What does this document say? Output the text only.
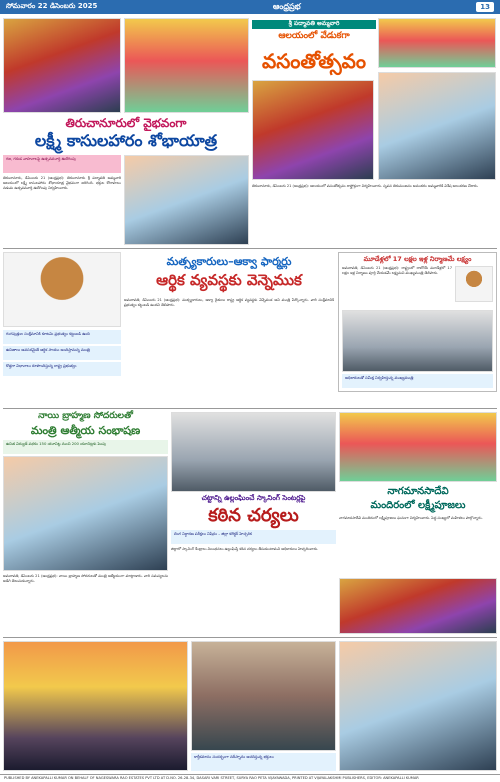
సోమవారం 22 డిసెంబరు 2025	ఆంధ్రప్రభ	13
తిరుచానూరులో వైభవంగా
లక్ష్మీ కాసులహారం శోభాయాత్ర
గజ, గరుడ వాహనాలపై ఉత్సవమూర్తి ఊరేగింపు
తిరుచానూరు, డిసెంబరు 21 (ఆంధ్రప్రభ): తిరుచానూరు శ్రీ పద్మావతి అమ్మవారి ఆలయంలో లక్ష్మీ కాసులహారం శోభాయాత్ర వైభవంగా జరిగింది. భక్తుల కోలాహలం నడుమ ఉత్సవమూర్తి ఊరేగింపు నిర్వహించారు.
శ్రీ పద్మావతి అమ్మవారి
ఆలయంలో వేడుకగా
వసంతోత్సవం
తిరుచానూరు, డిసెంబరు 21 (ఆంధ్రప్రభ): ఆలయంలో వసంతోత్సవం శాస్త్రోక్తంగా నిర్వహించారు. స్నపన తిరుమంజనం అనంతరం అమ్మవారికి విశేష అలంకరణ చేశారు.
మత్స్యకారులు–ఆక్వా ఫార్మర్లు
ఆర్థిక వ్యవస్థకు వెన్నెముక
గంగపుత్రుల సంక్షేమానికి కూటమి ప్రభుత్వం కట్టుబడి ఉంది
ఉచితాలు అవసరమైతే ఆర్థిక సాయం అందిస్తామన్న మంత్రి
కొత్తగా విధానాలు రూపొందిస్తున్న రాష్ట్ర ప్రభుత్వం
అమరావతి, డిసెంబరు 21 (ఆంధ్రప్రభ): మత్స్యకారులు, ఆక్వా రైతులు రాష్ట్ర ఆర్థిక వ్యవస్థకు వెన్నెముక అని మంత్రి పేర్కొన్నారు. వారి సంక్షేమానికి ప్రభుత్వం కట్టుబడి ఉందని తెలిపారు.
మూడేళ్లలో 17 లక్షల ఇళ్ల నిర్మాణమే లక్ష్యం
అమరావతి, డిసెంబరు 21 (ఆంధ్రప్రభ): రాష్ట్రంలో రాబోయే మూడేళ్లలో 17 లక్షల ఇళ్ల నిర్మాణం పూర్తి చేయడమే లక్ష్యమని ముఖ్యమంత్రి తెలిపారు.
అధికారులతో సమీక్ష నిర్వహిస్తున్న ముఖ్యమంత్రి
నాయి బ్రాహ్మణ సోదరులతో
మంత్రి ఆత్మీయ సంభాషణ
ఉచిత విద్యుత్ పథకం 150 యూనిట్ల నుంచి 200 యూనిట్లకు పెంపు
అమరావతి, డిసెంబరు 21 (ఆంధ్రప్రభ): నాయి బ్రాహ్మణ సోదరులతో మంత్రి ఆత్మీయంగా మాట్లాడారు. వారి సమస్యలను అడిగి తెలుసుకున్నారు.
చట్టాన్ని ఉల్లంఘించే స్కానింగ్ సెంటర్లపై
కఠిన చర్యలు
లింగ నిర్ధారణ పరీక్షలు నిషేధం – జిల్లా కలెక్టర్ హెచ్చరిక
జిల్లాలో స్కానింగ్ కేంద్రాలు నిబంధనలు ఉల్లంఘిస్తే కఠిన చర్యలు తీసుకుంటామని అధికారులు హెచ్చరించారు.
నాగమానసాదేవి
మందిరంలో లక్ష్మీపూజలు
నాగమానసాదేవి మందిరంలో లక్ష్మీపూజలు ఘనంగా నిర్వహించారు. పెద్ద సంఖ్యలో మహిళలు పాల్గొన్నారు.
కార్తీకమాసం సందర్భంగా నదీస్నానం ఆచరిస్తున్న భక్తులు
PUBLISHED BY ANEKAPALLI KUMAR ON BEHALF OF NAGESWARA RAO ESTATES PVT LTD AT D.NO. 26-28-34, DASARI VARI STREET, SURYA RAO PETA VIJAYAWADA, PRINTED AT VIJAYALAKSHMI PUBLISHERS, EDITOR: ANEKAPALLI KUMAR
